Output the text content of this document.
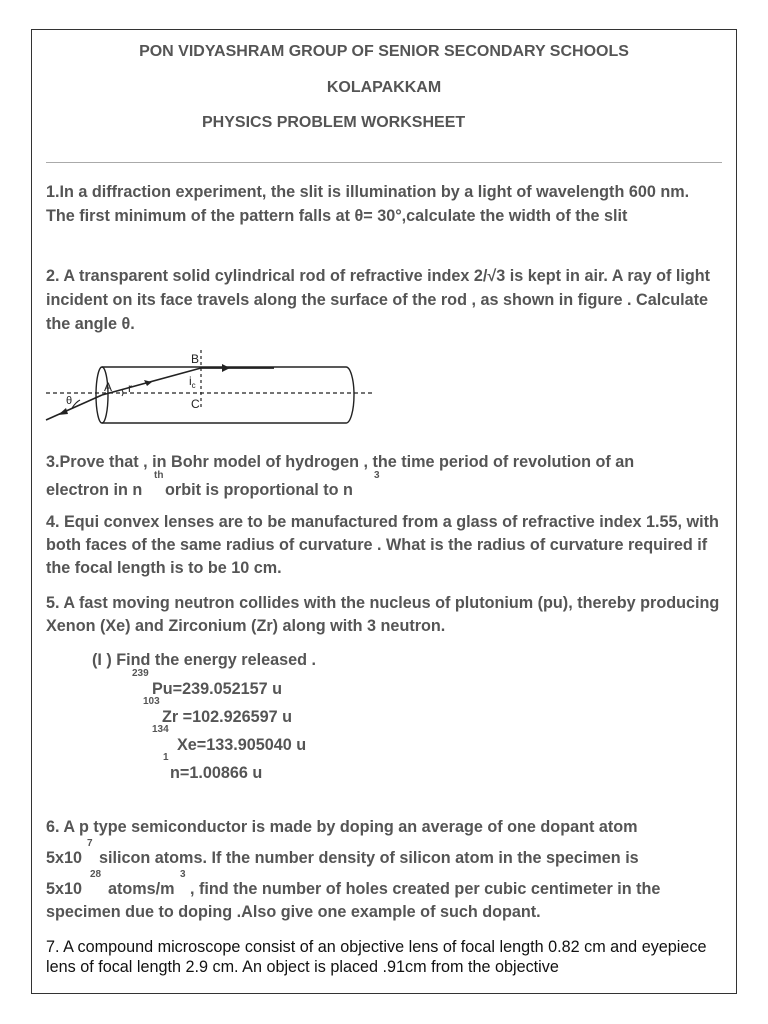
PON VIDYASHRAM GROUP OF SENIOR SECONDARY SCHOOLS
KOLAPAKKAM
PHYSICS PROBLEM WORKSHEET
1.In a diffraction experiment, the slit is illumination by a light of wavelength 600 nm. The first minimum of the pattern falls at θ= 30°,calculate the width of the slit
2. A transparent solid cylindrical rod of refractive index 2/√3 is kept in air. A ray of light incident on its face travels along the surface of the rod , as shown in figure . Calculate the angle θ.
A r
θ
B
$i_c$
C
3.Prove that , in Bohr model of hydrogen , the time period of revolution of an
electron in n
th
orbit is proportional to n
3
4. Equi convex lenses are to be manufactured from a glass of refractive index 1.55, with both faces of the same radius of curvature . What is the radius of curvature required if the focal length is to be 10 cm.
5. A fast moving neutron collides with the nucleus of plutonium (pu), thereby producing Xenon (Xe) and Zirconium (Zr) along with 3 neutron.
(I ) Find the energy released .
239
Pu=239.052157 u
103
Zr =102.926597 u
134
Xe=133.905040 u
1
n=1.00866 u
6. A p type semiconductor is made by doping an average of one dopant atom
5x10
7
silicon atoms. If the number density of silicon atom in the specimen is
5x10
28
atoms/m
3
, find the number of holes created per cubic centimeter in the
specimen due to doping .Also give one example of such dopant.
7. A compound microscope consist of an objective lens of focal length 0.82 cm and eyepiece lens of focal length 2.9 cm. An object is placed .91cm from the objective
